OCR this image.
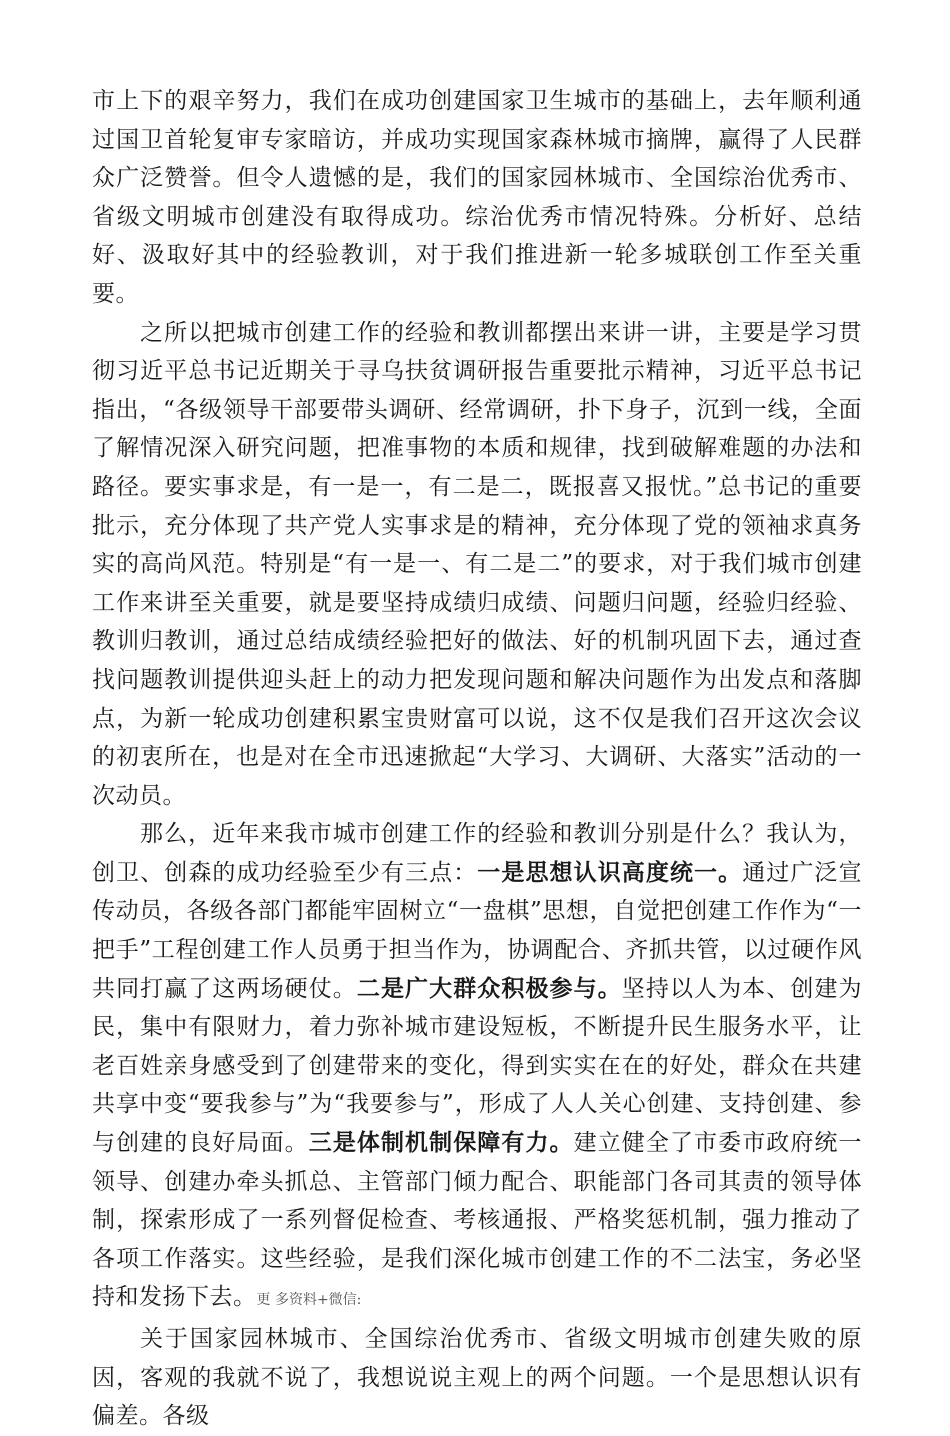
市上下的艰辛努力，我们在成功创建国家卫生城市的基础上，去年顺利通过国卫首轮复审专家暗访，并成功实现国家森林城市摘牌，赢得了人民群众广泛赞誉。但令人遗憾的是，我们的国家园林城市、全国综治优秀市、省级文明城市创建没有取得成功。综治优秀市情况特殊。分析好、总结好、汲取好其中的经验教训，对于我们推进新一轮多城联创工作至关重要。

之所以把城市创建工作的经验和教训都摆出来讲一讲，主要是学习贯彻习近平总书记近期关于寻乌扶贫调研报告重要批示精神，习近平总书记指出，“各级领导干部要带头调研、经常调研，扑下身子，沉到一线，全面了解情况深入研究问题，把准事物的本质和规律，找到破解难题的办法和路径。要实事求是，有一是一，有二是二，既报喜又报忧。”总书记的重要批示，充分体现了共产党人实事求是的精神，充分体现了党的领袖求真务实的高尚风范。特别是“有一是一、有二是二”的要求，对于我们城市创建工作来讲至关重要，就是要坚持成绩归成绩、问题归问题，经验归经验、教训归教训，通过总结成绩经验把好的做法、好的机制巩固下去，通过查找问题教训提供迎头赶上的动力把发现问题和解决问题作为出发点和落脚点，为新一轮成功创建积累宝贵财富可以说，这不仅是我们召开这次会议的初衷所在，也是对在全市迅速掀起“大学习、大调研、大落实”活动的一次动员。

那么，近年来我市城市创建工作的经验和教训分别是什么？我认为，创卫、创森的成功经验至少有三点：一是思想认识高度统一。通过广泛宣传动员，各级各部门都能牢固树立“一盘棋”思想，自觉把创建工作作为“一把手”工程创建工作人员勇于担当作为，协调配合、齐抓共管，以过硬作风共同打赢了这两场硬仗。二是广大群众积极参与。坚持以人为本、创建为民，集中有限财力，着力弥补城市建设短板，不断提升民生服务水平，让老百姓亲身感受到了创建带来的变化，得到实实在在的好处，群众在共建共享中变“要我参与”为“我要参与”，形成了人人关心创建、支持创建、参与创建的良好局面。三是体制机制保障有力。建立健全了市委市政府统一领导、创建办牵头抓总、主管部门倾力配合、职能部门各司其责的领导体制，探索形成了一系列督促检查、考核通报、严格奖惩机制，强力推动了各项工作落实。这些经验，是我们深化城市创建工作的不二法宝，务必坚持和发扬下去。更 多资料+微信:

关于国家园林城市、全国综治优秀市、省级文明城市创建失败的原因，客观的我就不说了，我想说说主观上的两个问题。一个是思想认识有偏差。各级
